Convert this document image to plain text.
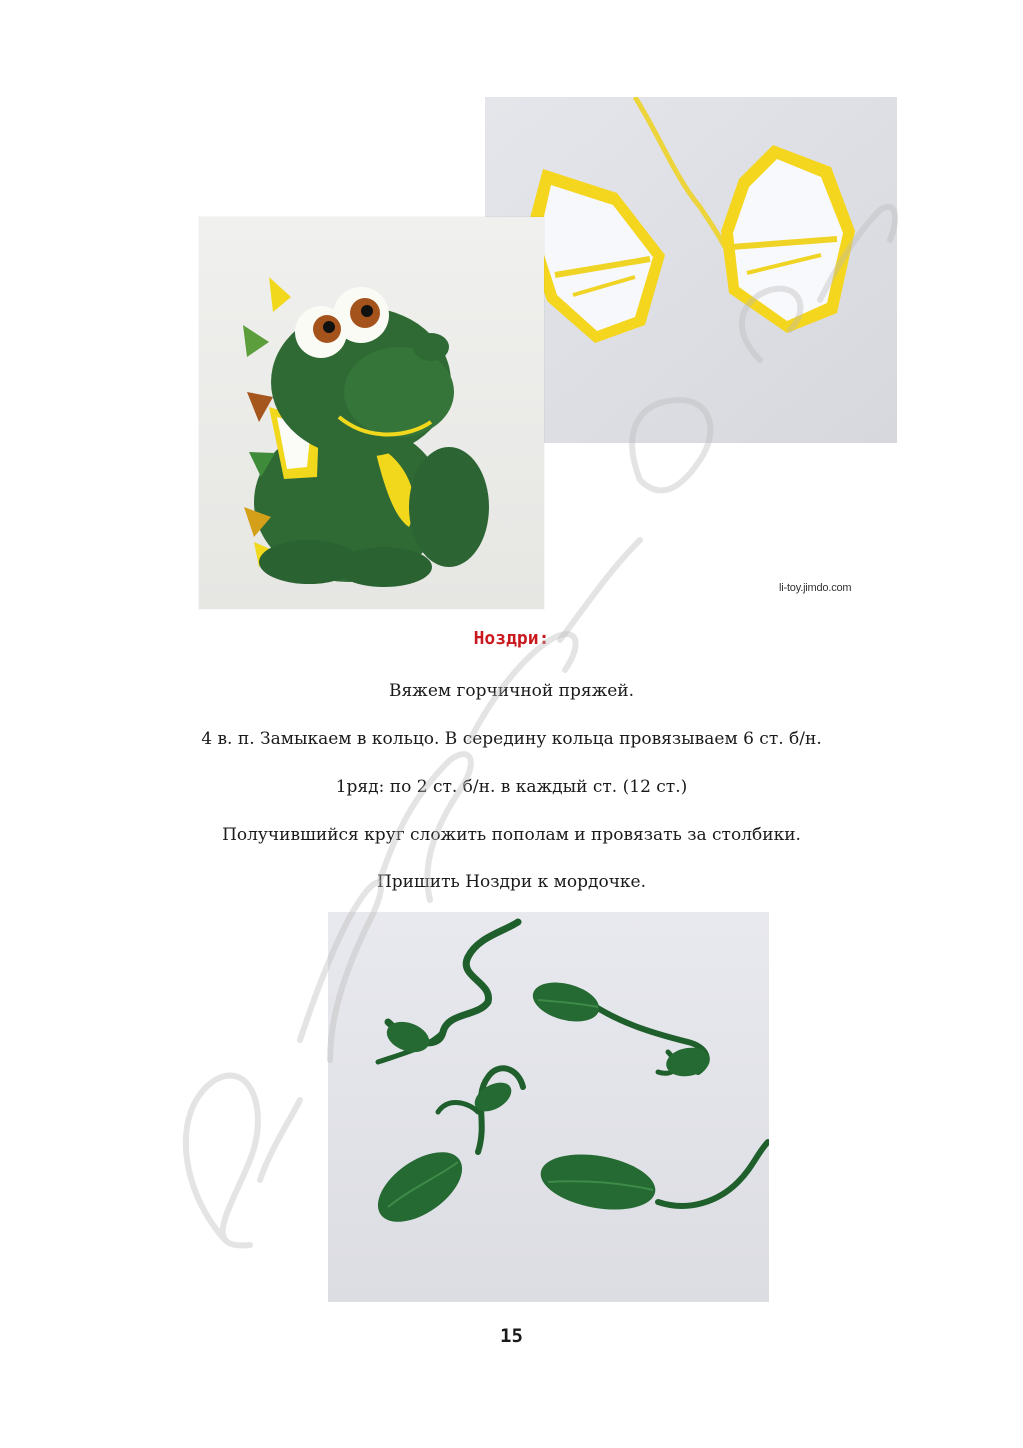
li-toy.jimdo.com
Ноздри:
Вяжем горчичной пряжей.
4 в. п. Замыкаем в кольцо. В середину кольца провязываем 6 ст. б/н.
1ряд: по 2 ст. б/н. в каждый ст. (12 ст.)
Получившийся круг сложить пополам и провязать за столбики.
Пришить Ноздри к мордочке.
15
